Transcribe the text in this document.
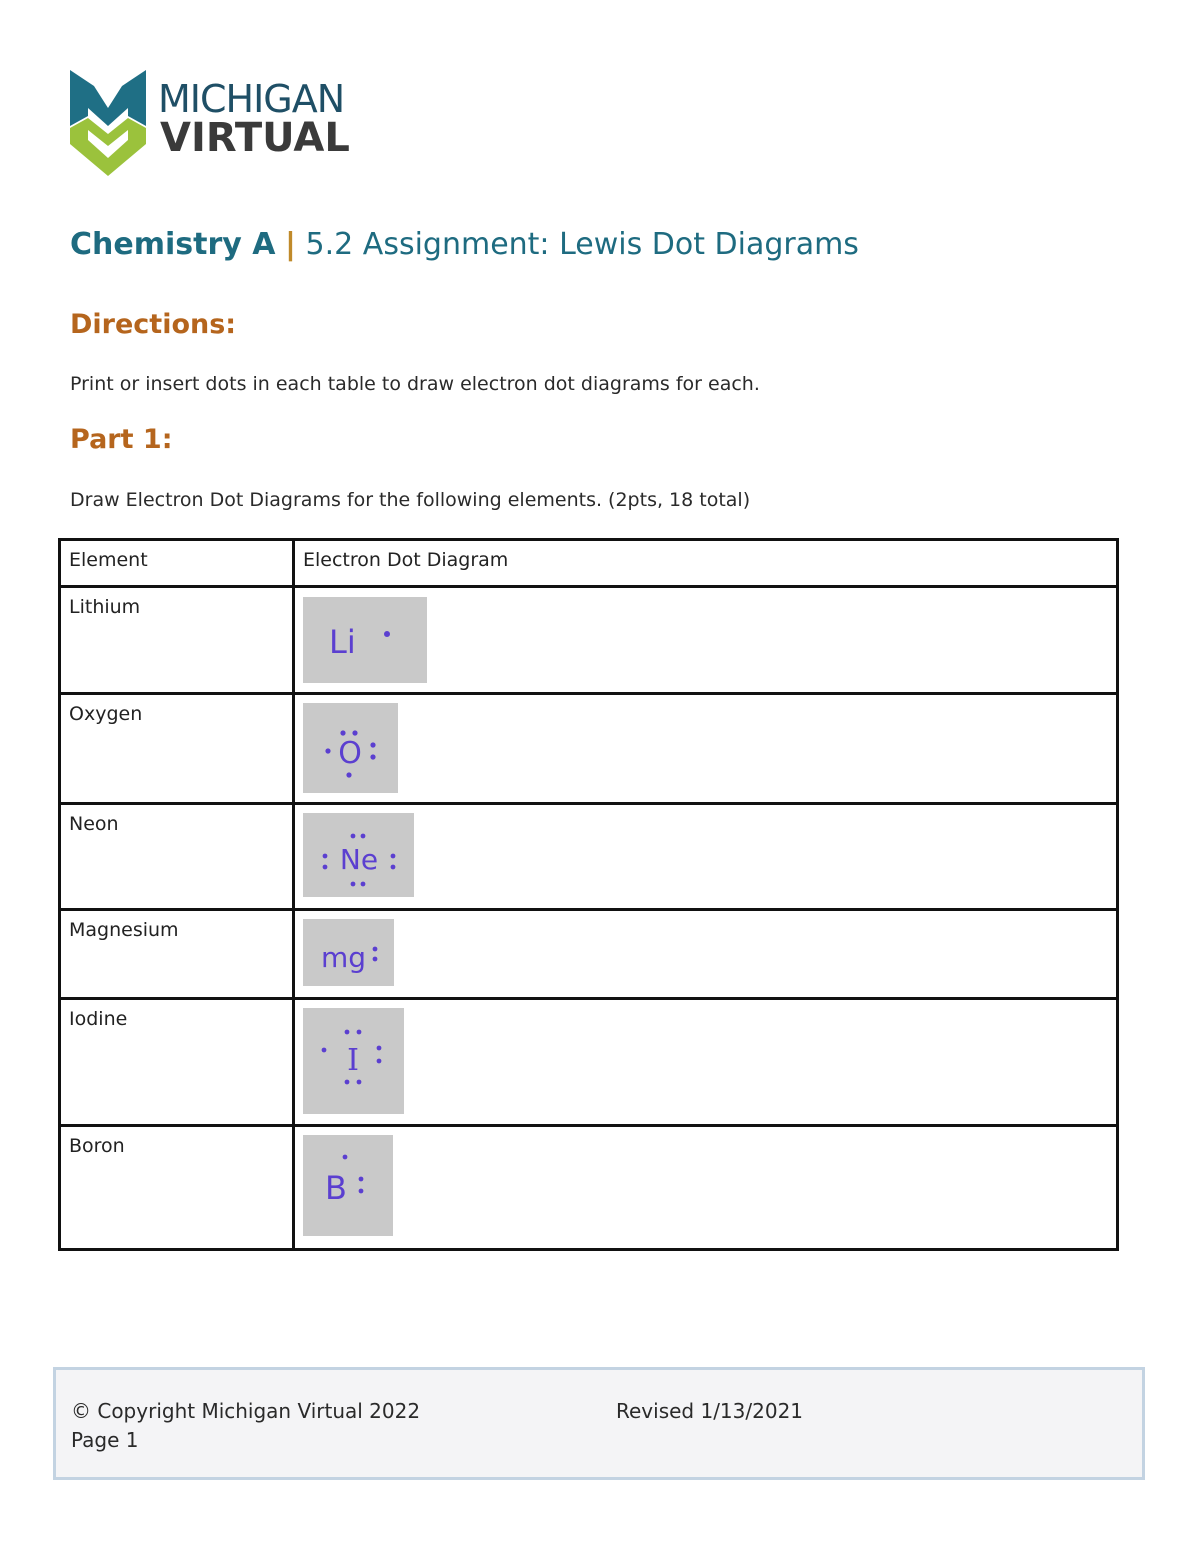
MICHIGAN
VIRTUAL
Chemistry A | 5.2 Assignment: Lewis Dot Diagrams
Directions:
Print or insert dots in each table to draw electron dot diagrams for each.
Part 1:
Draw Electron Dot Diagrams for the following elements. (2pts, 18 total)
Element	Electron Dot Diagram
Lithium	Li

Oxygen	O

Neon	Ne

Magnesium	mg

Iodine	I

Boron	B
© Copyright Michigan Virtual 2022
Page 1
Revised 1/13/2021
